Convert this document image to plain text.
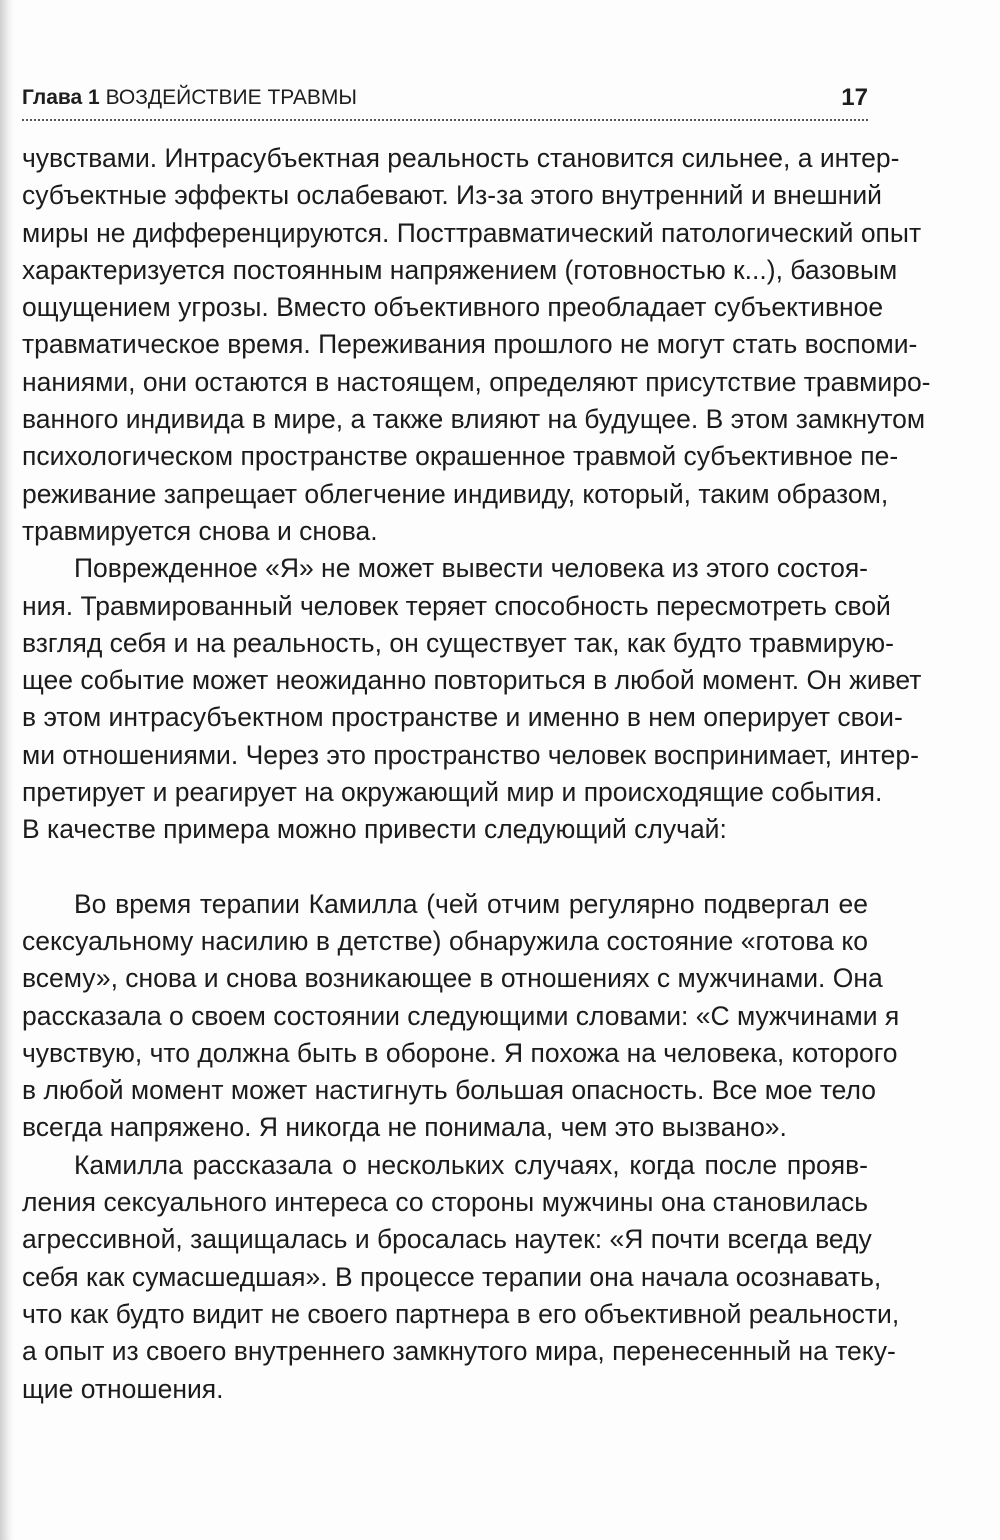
Глава 1 ВОЗДЕЙСТВИЕ ТРАВМЫ	17
чувствами. Интрасубъектная реальность становится сильнее, а интер-
субъектные эффекты ослабевают. Из-за этого внутренний и внешний
миры не дифференцируются. Посттравматический патологический опыт
характеризуется постоянным напряжением (готовностью к...), базовым
ощущением угрозы. Вместо объективного преобладает субъективное
травматическое время. Переживания прошлого не могут стать воспоми-
наниями, они остаются в настоящем, определяют присутствие травмиро-
ванного индивида в мире, а также влияют на будущее. В этом замкнутом
психологическом пространстве окрашенное травмой субъективное пе-
реживание запрещает облегчение индивиду, который, таким образом,
травмируется снова и снова.
Поврежденное «Я» не может вывести человека из этого состоя-
ния. Травмированный человек теряет способность пересмотреть свой
взгляд себя и на реальность, он существует так, как будто травмирую-
щее событие может неожиданно повториться в любой момент. Он живет
в этом интрасубъектном пространстве и именно в нем оперирует свои-
ми отношениями. Через это пространство человек воспринимает, интер-
претирует и реагирует на окружающий мир и происходящие события.
В качестве примера можно привести следующий случай:
Во время терапии Камилла (чей отчим регулярно подвергал ее
сексуальному насилию в детстве) обнаружила состояние «готова ко
всему», снова и снова возникающее в отношениях с мужчинами. Она
рассказала о своем состоянии следующими словами: «С мужчинами я
чувствую, что должна быть в обороне. Я похожа на человека, которого
в любой момент может настигнуть большая опасность. Все мое тело
всегда напряжено. Я никогда не понимала, чем это вызвано».
Камилла рассказала о нескольких случаях, когда после прояв-
ления сексуального интереса со стороны мужчины она становилась
агрессивной, защищалась и бросалась наутек: «Я почти всегда веду
себя как сумасшедшая». В процессе терапии она начала осознавать,
что как будто видит не своего партнера в его объективной реальности,
а опыт из своего внутреннего замкнутого мира, перенесенный на теку-
щие отношения.
